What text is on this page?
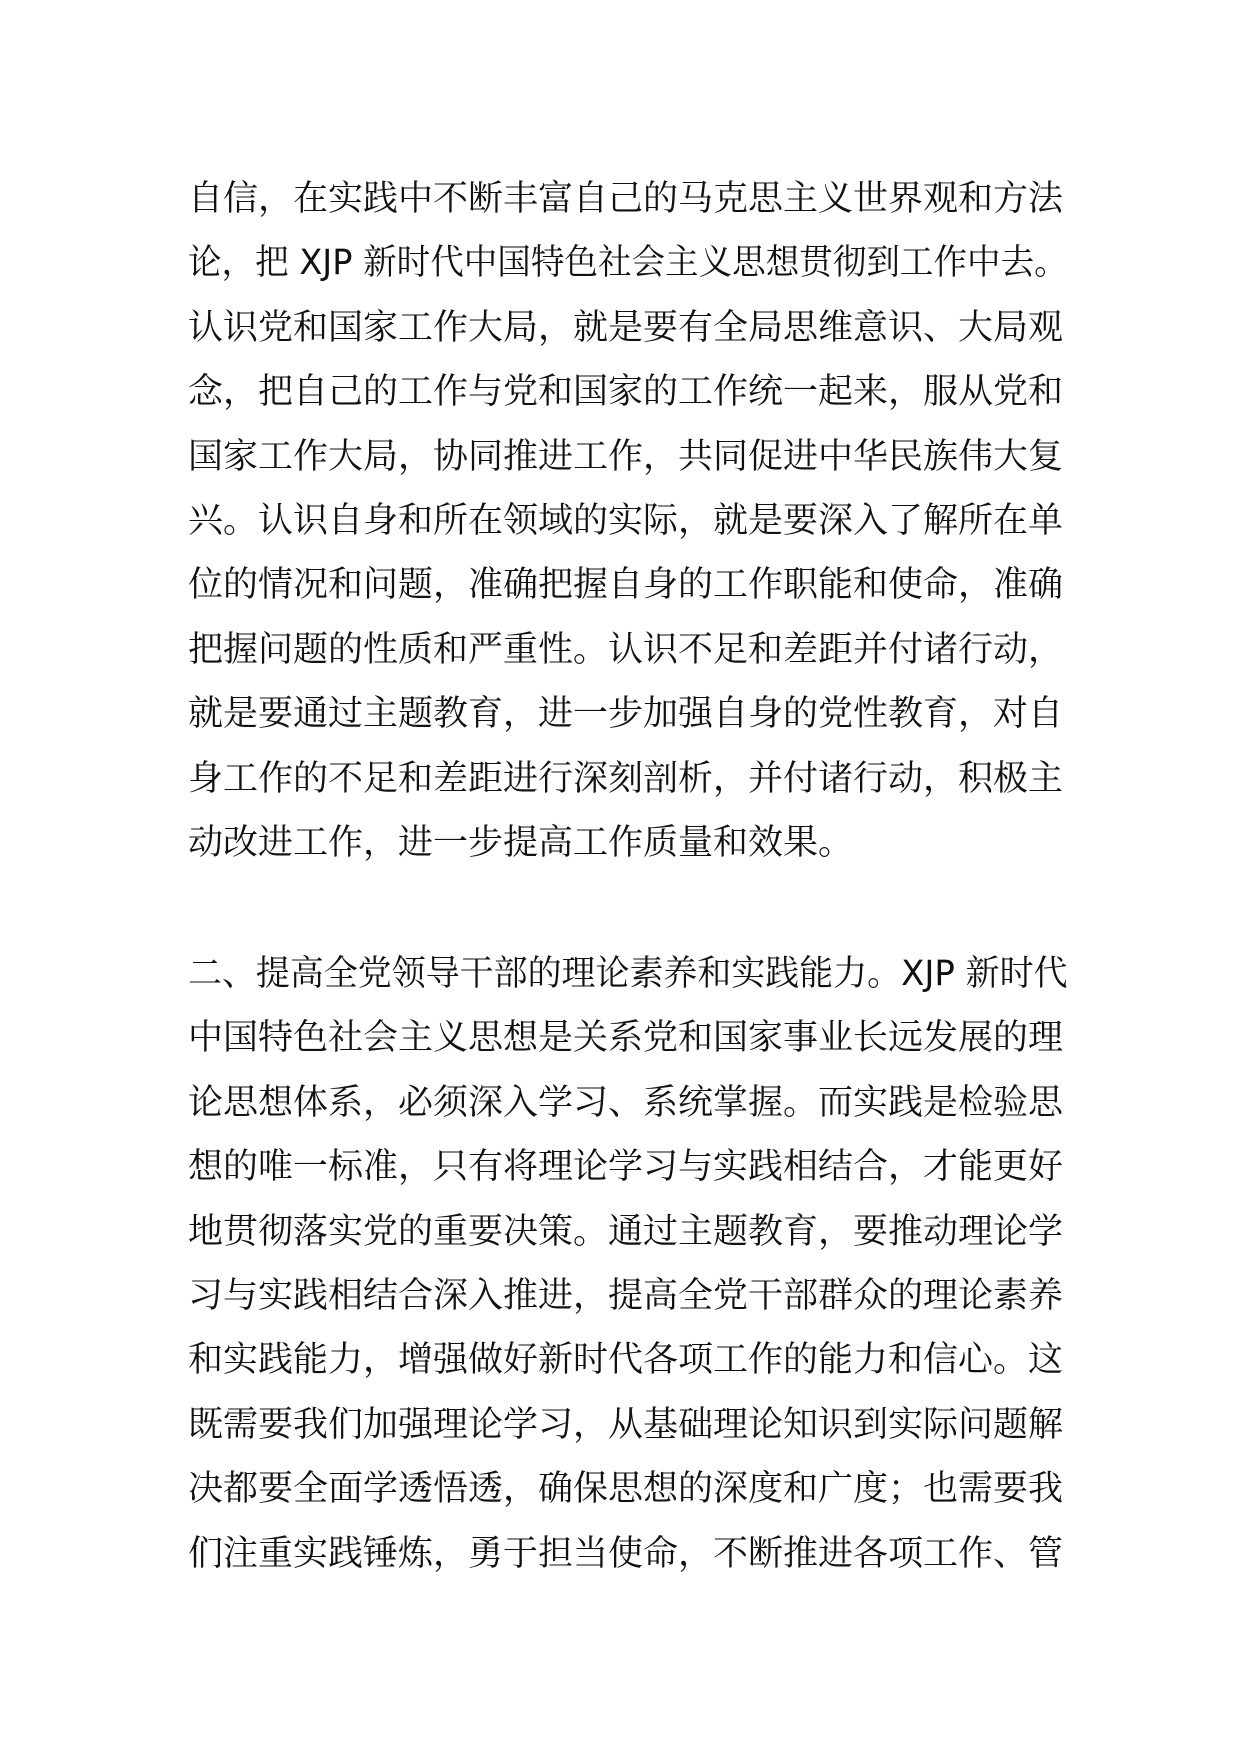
自信，在实践中不断丰富自己的马克思主义世界观和方法
论，把 XJP 新时代中国特色社会主义思想贯彻到工作中去。
认识党和国家工作大局，就是要有全局思维意识、大局观
念，把自己的工作与党和国家的工作统一起来，服从党和
国家工作大局，协同推进工作，共同促进中华民族伟大复
兴。认识自身和所在领域的实际，就是要深入了解所在单
位的情况和问题，准确把握自身的工作职能和使命，准确
把握问题的性质和严重性。认识不足和差距并付诸行动，
就是要通过主题教育，进一步加强自身的党性教育，对自
身工作的不足和差距进行深刻剖析，并付诸行动，积极主
动改进工作，进一步提高工作质量和效果。
二、提高全党领导干部的理论素养和实践能力。XJP 新时代
中国特色社会主义思想是关系党和国家事业长远发展的理
论思想体系，必须深入学习、系统掌握。而实践是检验思
想的唯一标准，只有将理论学习与实践相结合，才能更好
地贯彻落实党的重要决策。通过主题教育，要推动理论学
习与实践相结合深入推进，提高全党干部群众的理论素养
和实践能力，增强做好新时代各项工作的能力和信心。这
既需要我们加强理论学习，从基础理论知识到实际问题解
决都要全面学透悟透，确保思想的深度和广度；也需要我
们注重实践锤炼，勇于担当使命，不断推进各项工作、管
